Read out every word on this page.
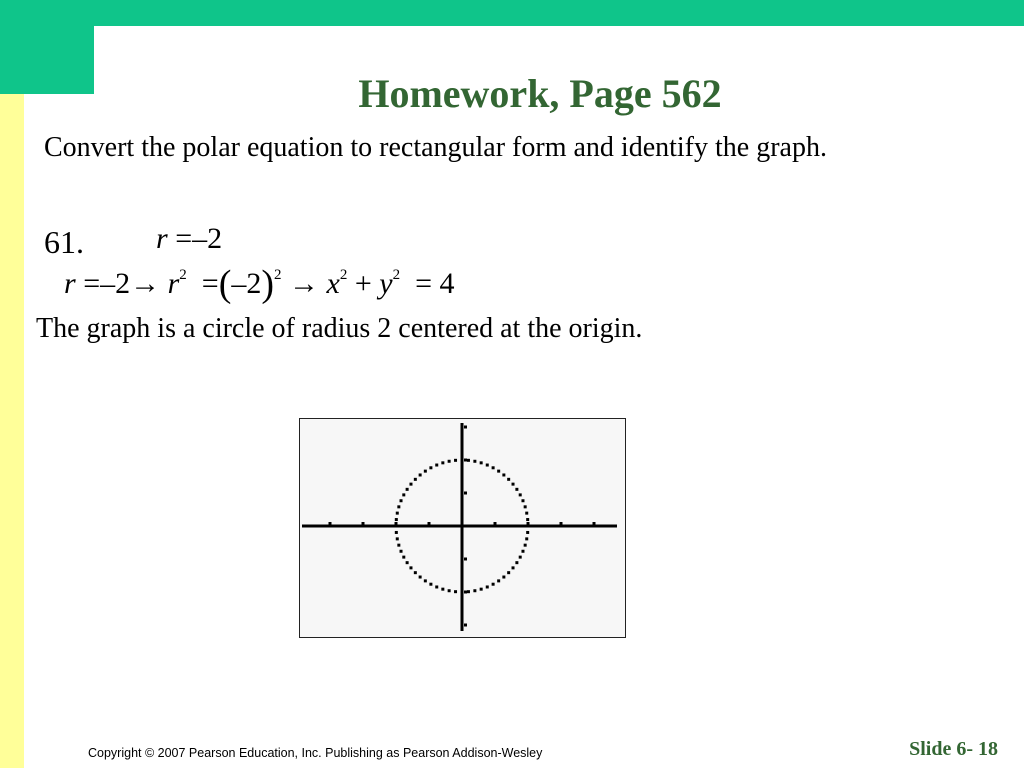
Homework, Page 562
Convert the polar equation to rectangular form and identify the graph.
61. r =–2
$r =-2\to r^2 =(-2)^2 \to x^2 + y^2 = 4$
The graph is a circle of radius 2 centered at the origin.
Copyright © 2007 Pearson Education, Inc. Publishing as Pearson Addison-Wesley	Slide 6- 18
